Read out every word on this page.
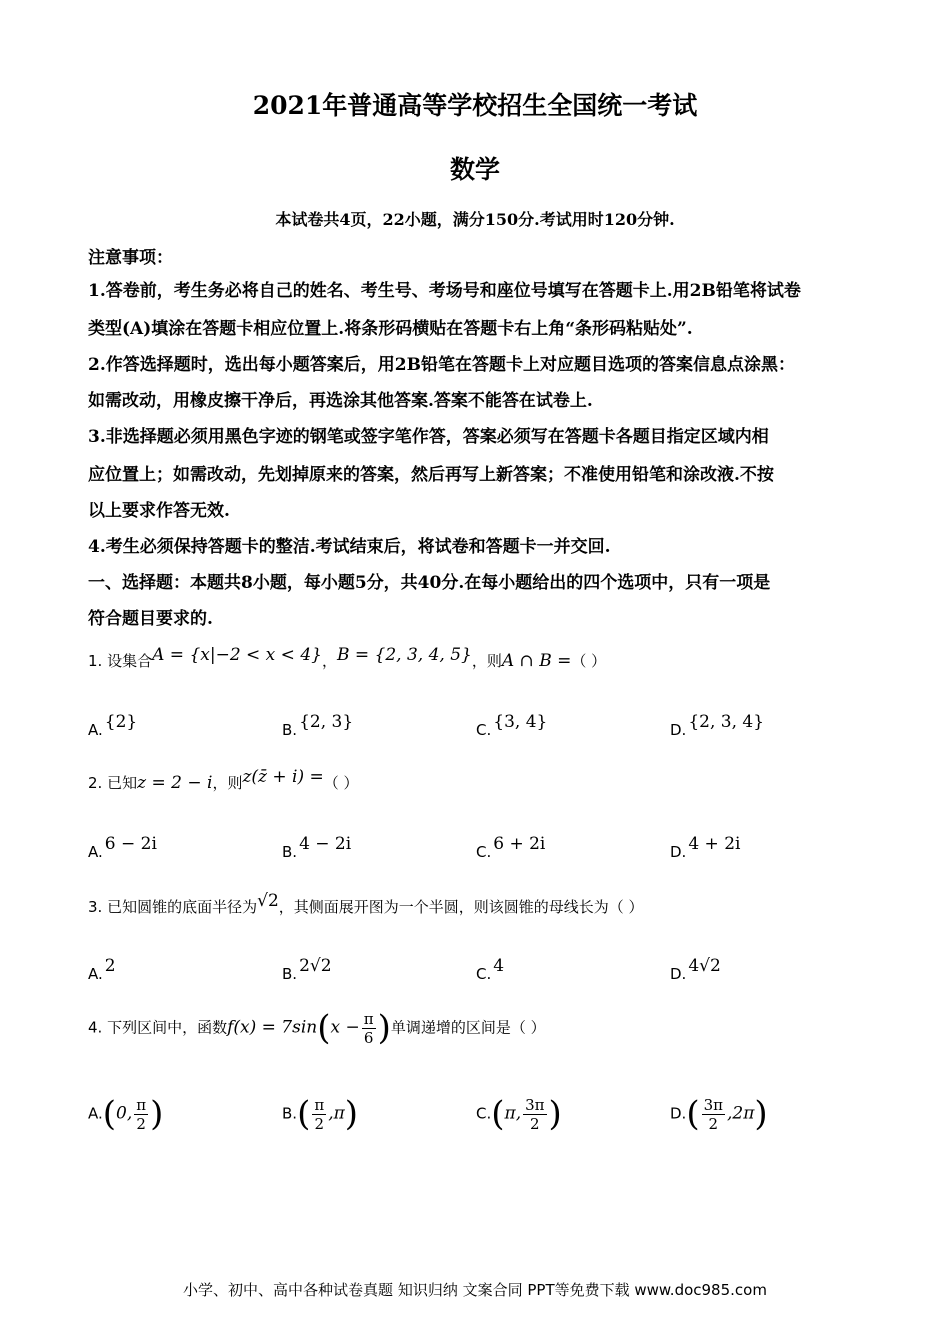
2021年普通高等学校招生全国统一考试
数学
本试卷共4页，22小题，满分150分.考试用时120分钟.
注意事项：
1.答卷前，考生务必将自己的姓名、考生号、考场号和座位号填写在答题卡上.用2B铅笔将试卷
类型(A)填涂在答题卡相应位置上.将条形码横贴在答题卡右上角“条形码粘贴处”.
2.作答选择题时，选出每小题答案后，用2B铅笔在答题卡上对应题目选项的答案信息点涂黑：
如需改动，用橡皮擦干净后，再选涂其他答案.答案不能答在试卷上.
3.非选择题必须用黑色字迹的钢笔或签字笔作答，答案必须写在答题卡各题目指定区域内相
应位置上；如需改动，先划掉原来的答案，然后再写上新答案；不准使用铅笔和涂改液.不按
以上要求作答无效.
4.考生必须保持答题卡的整洁.考试结束后，将试卷和答题卡一并交回.
一、选择题：本题共8小题，每小题5分，共40分.在每小题给出的四个选项中，只有一项是
符合题目要求的.
1. 设集合A = {x|−2 < x < 4}，B = {2, 3, 4, 5}，则A ∩ B =（ ）
A. {2}	B. {2, 3}	C. {3, 4}	D. {2, 3, 4}
2. 已知z = 2 − i，则z(z̄ + i) =（ ）
A. 6 − 2i	B. 4 − 2i	C. 6 + 2i	D. 4 + 2i
3. 已知圆锥的底面半径为√2，其侧面展开图为一个半圆，则该圆锥的母线长为（ ）
A. 2	B. 2√2	C. 4	D. 4√2
4. 下列区间中，函数$f(x) = 7\sin(x - \frac{\pi}{6}$ )单调递增的区间是（ ）
A.(0, $\frac{\pi}{2}$ )	$B.( \frac{\pi}{2} ,\pi)$	C.(π, $\frac{3\pi}{2}$ )	$D.( \frac{3\pi}{2} ,2\pi)$
小学、初中、高中各种试卷真题 知识归纳 文案合同 PPT等免费下载 www.doc985.com
